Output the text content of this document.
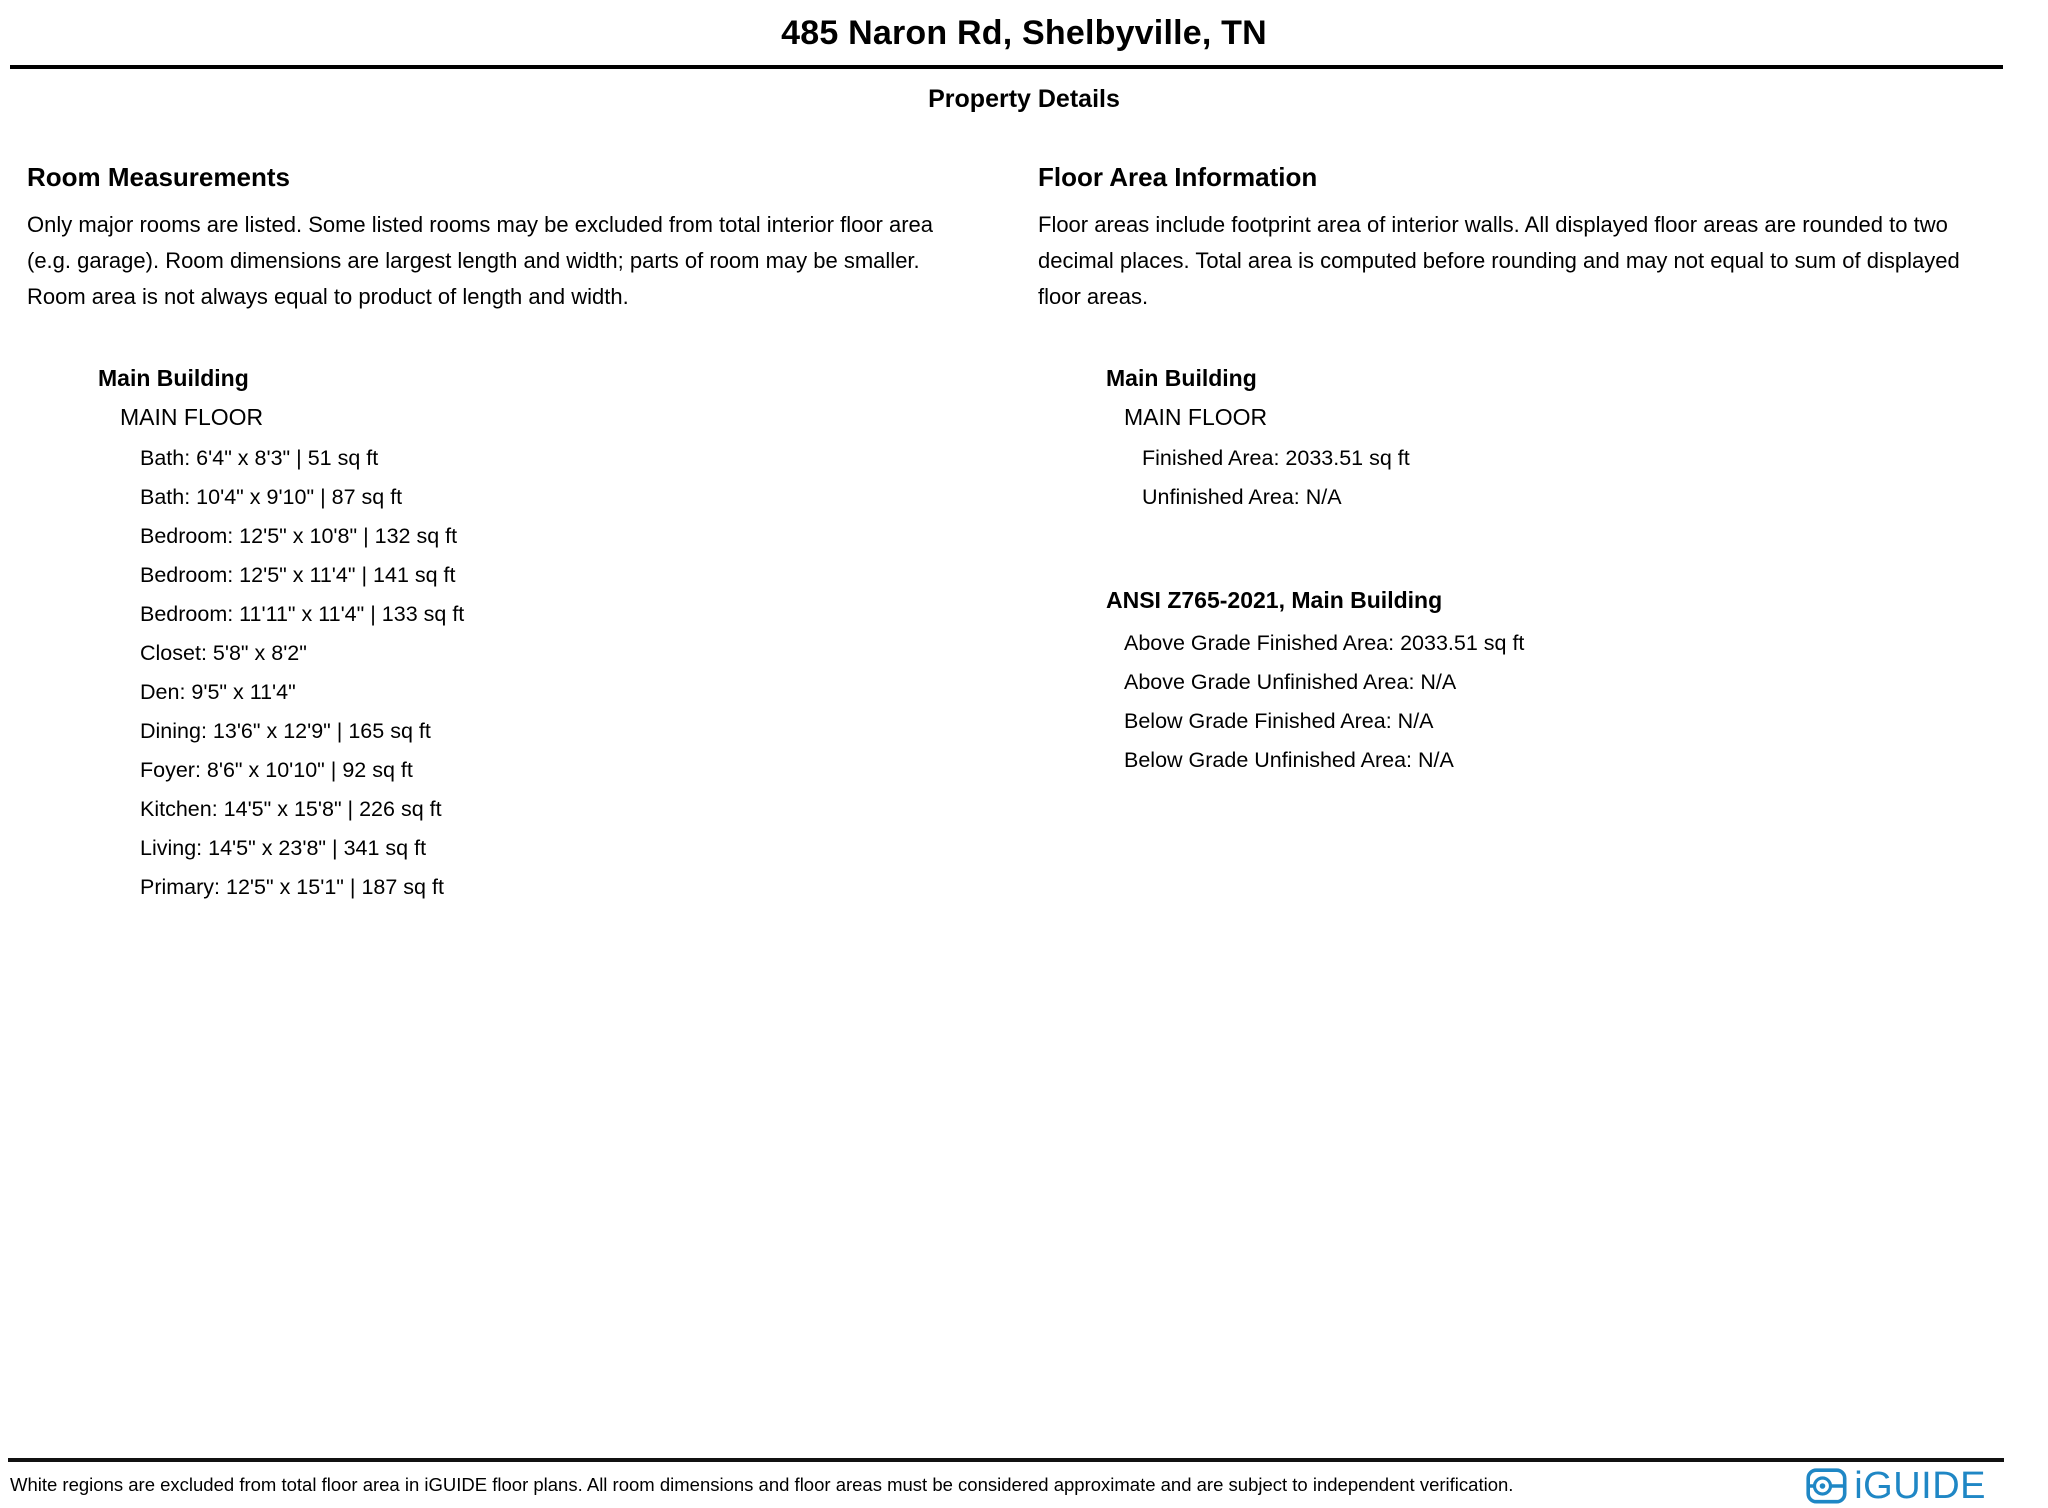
485 Naron Rd, Shelbyville, TN
Property Details
Room Measurements
Only major rooms are listed. Some listed rooms may be excluded from total interior floor area
(e.g. garage). Room dimensions are largest length and width; parts of room may be smaller.
Room area is not always equal to product of length and width.
Main Building
MAIN FLOOR
Bath: 6'4" x 8'3" | 51 sq ft
Bath: 10'4" x 9'10" | 87 sq ft
Bedroom: 12'5" x 10'8" | 132 sq ft
Bedroom: 12'5" x 11'4" | 141 sq ft
Bedroom: 11'11" x 11'4" | 133 sq ft
Closet: 5'8" x 8'2"
Den: 9'5" x 11'4"
Dining: 13'6" x 12'9" | 165 sq ft
Foyer: 8'6" x 10'10" | 92 sq ft
Kitchen: 14'5" x 15'8" | 226 sq ft
Living: 14'5" x 23'8" | 341 sq ft
Primary: 12'5" x 15'1" | 187 sq ft
Floor Area Information
Floor areas include footprint area of interior walls. All displayed floor areas are rounded to two
decimal places. Total area is computed before rounding and may not equal to sum of displayed
floor areas.
Main Building
MAIN FLOOR
Finished Area: 2033.51 sq ft
Unfinished Area: N/A
ANSI Z765-2021, Main Building
Above Grade Finished Area: 2033.51 sq ft
Above Grade Unfinished Area: N/A
Below Grade Finished Area: N/A
Below Grade Unfinished Area: N/A
White regions are excluded from total floor area in iGUIDE floor plans. All room dimensions and floor areas must be considered approximate and are subject to independent verification.	iGUIDE
